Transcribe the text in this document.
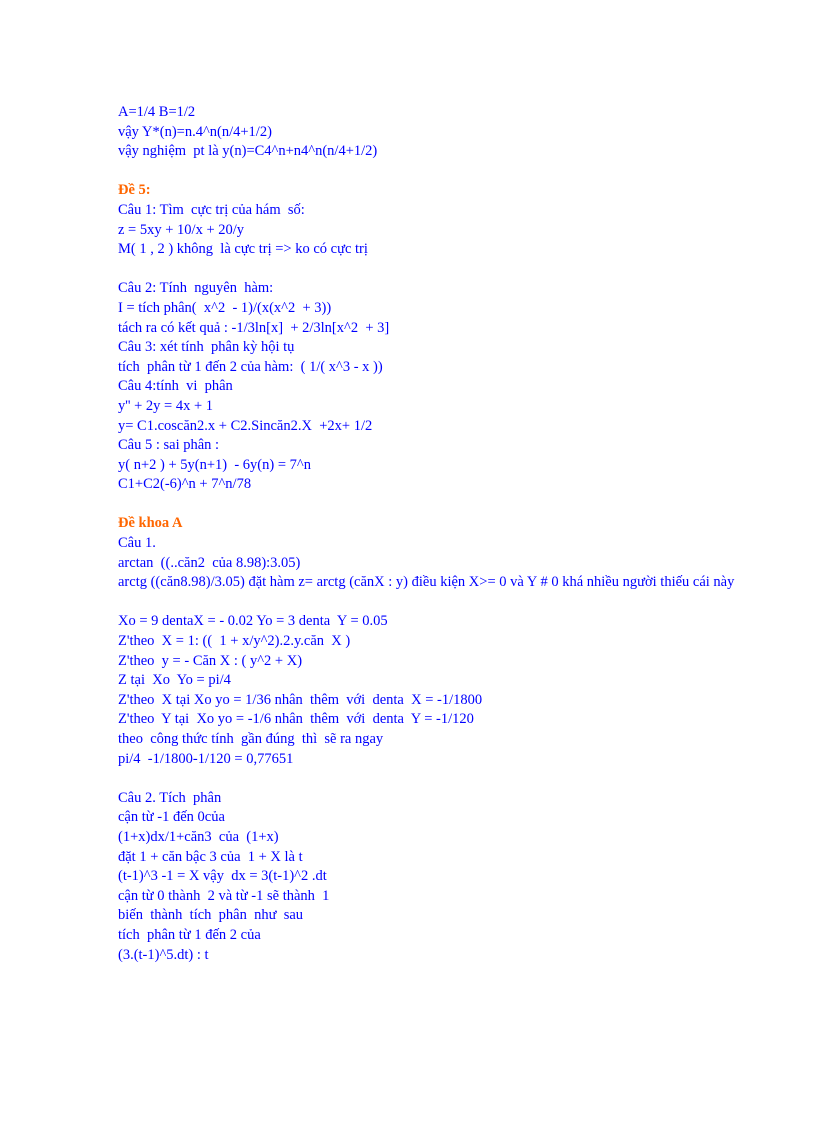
A=1/4 B=1/2

vậy Y*(n)=n.4^n(n/4+1/2)

vậy nghiệm  pt là y(n)=C4^n+n4^n(n/4+1/2)

Đề 5:

Câu 1: Tìm  cực trị của hám  số:

z = 5xy + 10/x + 20/y

M( 1 , 2 ) không  là cực trị => ko có cực trị

Câu 2: Tính  nguyên  hàm:

I = tích phân(  x^2  - 1)/(x(x^2  + 3))

tách ra có kết quả : -1/3ln[x]  + 2/3ln[x^2  + 3]

Câu 3: xét tính  phân kỳ hội tụ

tích  phân từ 1 đến 2 của hàm:  ( 1/( x^3 - x ))

Câu 4:tính  vi  phân

y'' + 2y = 4x + 1

y= C1.coscăn2.x + C2.Sincăn2.X  +2x+ 1/2

Câu 5 : sai phân :

y( n+2 ) + 5y(n+1)  - 6y(n) = 7^n

C1+C2(-6)^n + 7^n/78

Đề khoa A

Câu 1.

arctan  ((..căn2  của 8.98):3.05)

arctg ((căn8.98)/3.05) đặt hàm z= arctg (cănX : y) điều kiện X>= 0 và Y # 0 khá nhiều người thiếu cái này

Xo = 9 dentaX = - 0.02 Yo = 3 denta  Y = 0.05

Z'theo  X = 1: ((  1 + x/y^2).2.y.căn  X )

Z'theo  y = - Căn X : ( y^2 + X)

Z tại  Xo  Yo = pi/4

Z'theo  X tại Xo yo = 1/36 nhân  thêm  với  denta  X = -1/1800

Z'theo  Y tại  Xo yo = -1/6 nhân  thêm  với  denta  Y = -1/120

theo  công thức tính  gần đúng  thì  sẽ ra ngay

pi/4  -1/1800-1/120 = 0,77651

Câu 2. Tích  phân

cận từ -1 đến 0của

(1+x)dx/1+căn3  của  (1+x)

đặt 1 + căn bậc 3 của  1 + X là t

(t-1)^3 -1 = X vậy  dx = 3(t-1)^2 .dt

cận từ 0 thành  2 và từ -1 sẽ thành  1

biến  thành  tích  phân  như  sau

tích  phân từ 1 đến 2 của

(3.(t-1)^5.dt) : t
